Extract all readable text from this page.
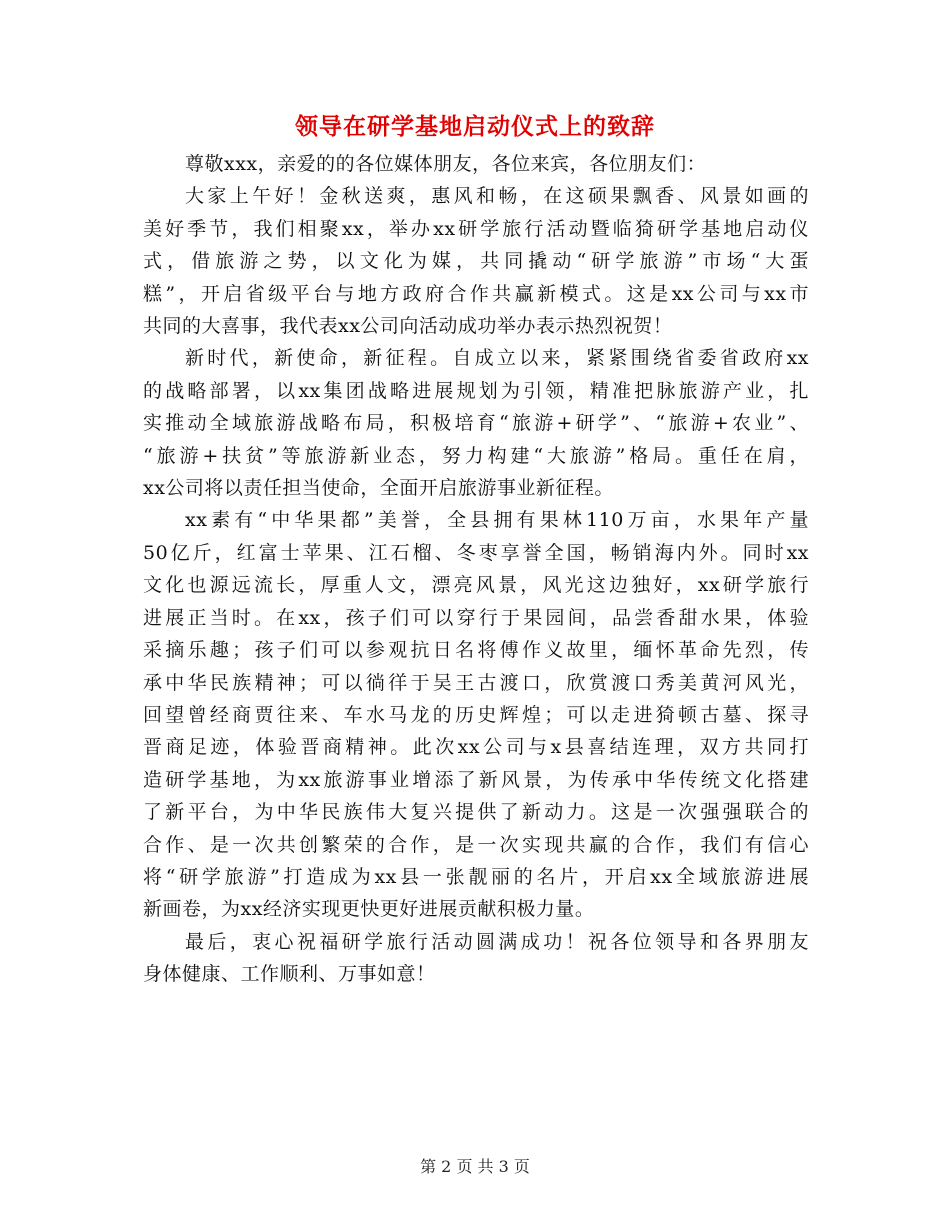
领导在研学基地启动仪式上的致辞
尊敬xxx，亲爱的的各位媒体朋友，各位来宾，各位朋友们：
大家上午好！金秋送爽，惠风和畅，在这硕果飘香、风景如画的
美好季节，我们相聚xx，举办xx研学旅行活动暨临猗研学基地启动仪
式，借旅游之势，以文化为媒，共同撬动“研学旅游”市场“大蛋
糕”，开启省级平台与地方政府合作共赢新模式。这是xx公司与xx市
共同的大喜事，我代表xx公司向活动成功举办表示热烈祝贺！
新时代，新使命，新征程。自成立以来，紧紧围绕省委省政府xx
的战略部署，以xx集团战略进展规划为引领，精准把脉旅游产业，扎
实推动全域旅游战略布局，积极培育“旅游+研学”、“旅游+农业”、
“旅游+扶贫”等旅游新业态，努力构建“大旅游”格局。重任在肩，
xx公司将以责任担当使命，全面开启旅游事业新征程。
xx素有“中华果都”美誉，全县拥有果林110万亩，水果年产量
50亿斤，红富士苹果、江石榴、冬枣享誉全国，畅销海内外。同时xx
文化也源远流长，厚重人文，漂亮风景，风光这边独好，xx研学旅行
进展正当时。在xx，孩子们可以穿行于果园间，品尝香甜水果，体验
采摘乐趣；孩子们可以参观抗日名将傅作义故里，缅怀革命先烈，传
承中华民族精神；可以徜徉于吴王古渡口，欣赏渡口秀美黄河风光，
回望曾经商贾往来、车水马龙的历史辉煌；可以走进猗顿古墓、探寻
晋商足迹，体验晋商精神。此次xx公司与x县喜结连理，双方共同打
造研学基地，为xx旅游事业增添了新风景，为传承中华传统文化搭建
了新平台，为中华民族伟大复兴提供了新动力。这是一次强强联合的
合作、是一次共创繁荣的合作，是一次实现共赢的合作，我们有信心
将“研学旅游”打造成为xx县一张靓丽的名片，开启xx全域旅游进展
新画卷，为xx经济实现更快更好进展贡献积极力量。
最后，衷心祝福研学旅行活动圆满成功！祝各位领导和各界朋友
身体健康、工作顺利、万事如意！
第 2 页 共 3 页
